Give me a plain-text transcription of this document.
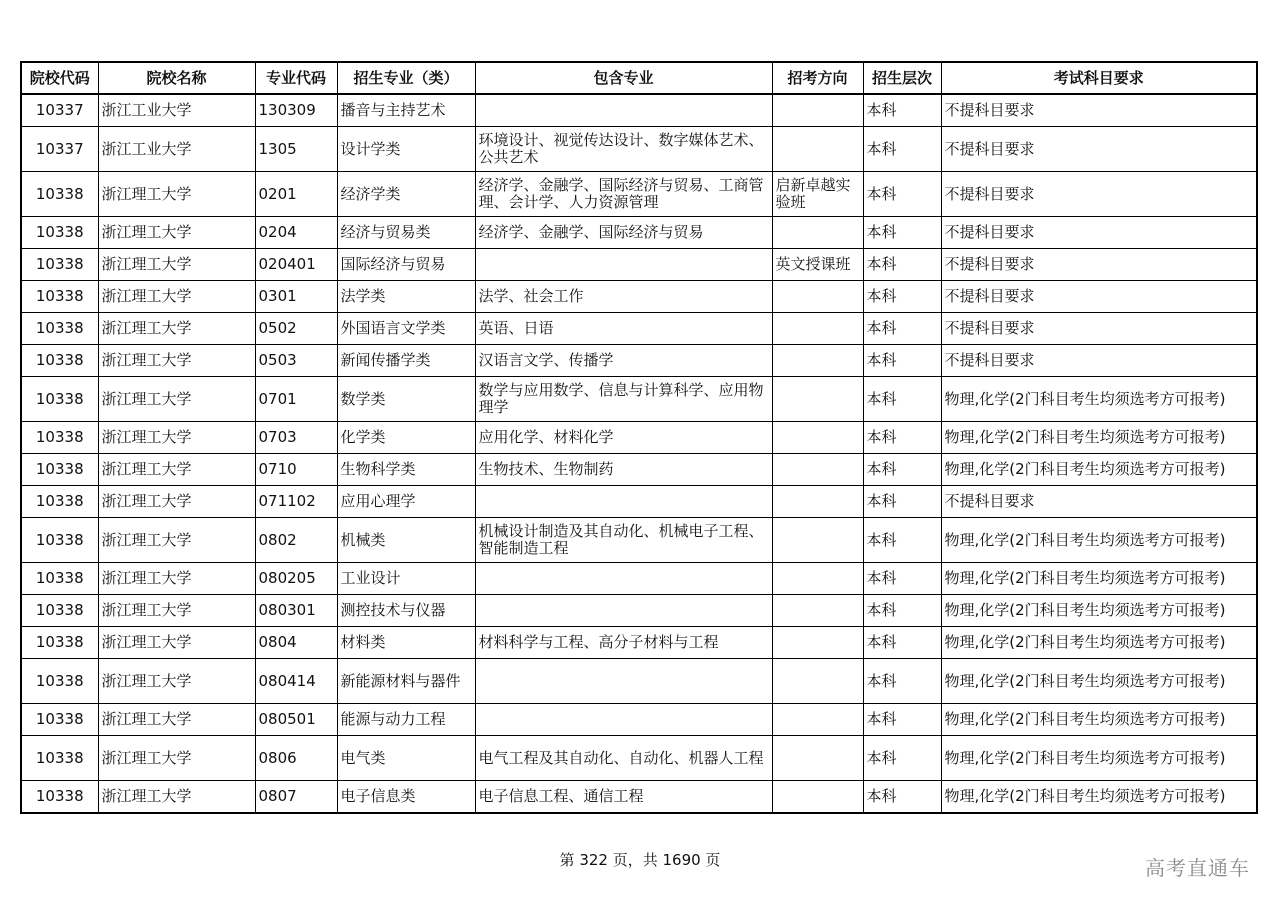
院校代码	院校名称	专业代码	招生专业（类）	包含专业	招考方向	招生层次	考试科目要求
10337	浙江工业大学	130309	播音与主持艺术			本科	不提科目要求
10337	浙江工业大学	1305	设计学类	环境设计、视觉传达设计、数字媒体艺术、公共艺术		本科	不提科目要求
10338	浙江理工大学	0201	经济学类	经济学、金融学、国际经济与贸易、工商管理、会计学、人力资源管理	启新卓越实验班	本科	不提科目要求
10338	浙江理工大学	0204	经济与贸易类	经济学、金融学、国际经济与贸易		本科	不提科目要求
10338	浙江理工大学	020401	国际经济与贸易		英文授课班	本科	不提科目要求
10338	浙江理工大学	0301	法学类	法学、社会工作		本科	不提科目要求
10338	浙江理工大学	0502	外国语言文学类	英语、日语		本科	不提科目要求
10338	浙江理工大学	0503	新闻传播学类	汉语言文学、传播学		本科	不提科目要求
10338	浙江理工大学	0701	数学类	数学与应用数学、信息与计算科学、应用物理学		本科	物理,化学(2门科目考生均须选考方可报考)
10338	浙江理工大学	0703	化学类	应用化学、材料化学		本科	物理,化学(2门科目考生均须选考方可报考)
10338	浙江理工大学	0710	生物科学类	生物技术、生物制药		本科	物理,化学(2门科目考生均须选考方可报考)
10338	浙江理工大学	071102	应用心理学			本科	不提科目要求
10338	浙江理工大学	0802	机械类	机械设计制造及其自动化、机械电子工程、智能制造工程		本科	物理,化学(2门科目考生均须选考方可报考)
10338	浙江理工大学	080205	工业设计			本科	物理,化学(2门科目考生均须选考方可报考)
10338	浙江理工大学	080301	测控技术与仪器			本科	物理,化学(2门科目考生均须选考方可报考)
10338	浙江理工大学	0804	材料类	材料科学与工程、高分子材料与工程		本科	物理,化学(2门科目考生均须选考方可报考)
10338	浙江理工大学	080414	新能源材料与器件			本科	物理,化学(2门科目考生均须选考方可报考)
10338	浙江理工大学	080501	能源与动力工程			本科	物理,化学(2门科目考生均须选考方可报考)
10338	浙江理工大学	0806	电气类	电气工程及其自动化、自动化、机器人工程		本科	物理,化学(2门科目考生均须选考方可报考)
10338	浙江理工大学	0807	电子信息类	电子信息工程、通信工程		本科	物理,化学(2门科目考生均须选考方可报考)
第 322 页，共 1690 页	高考直通车
